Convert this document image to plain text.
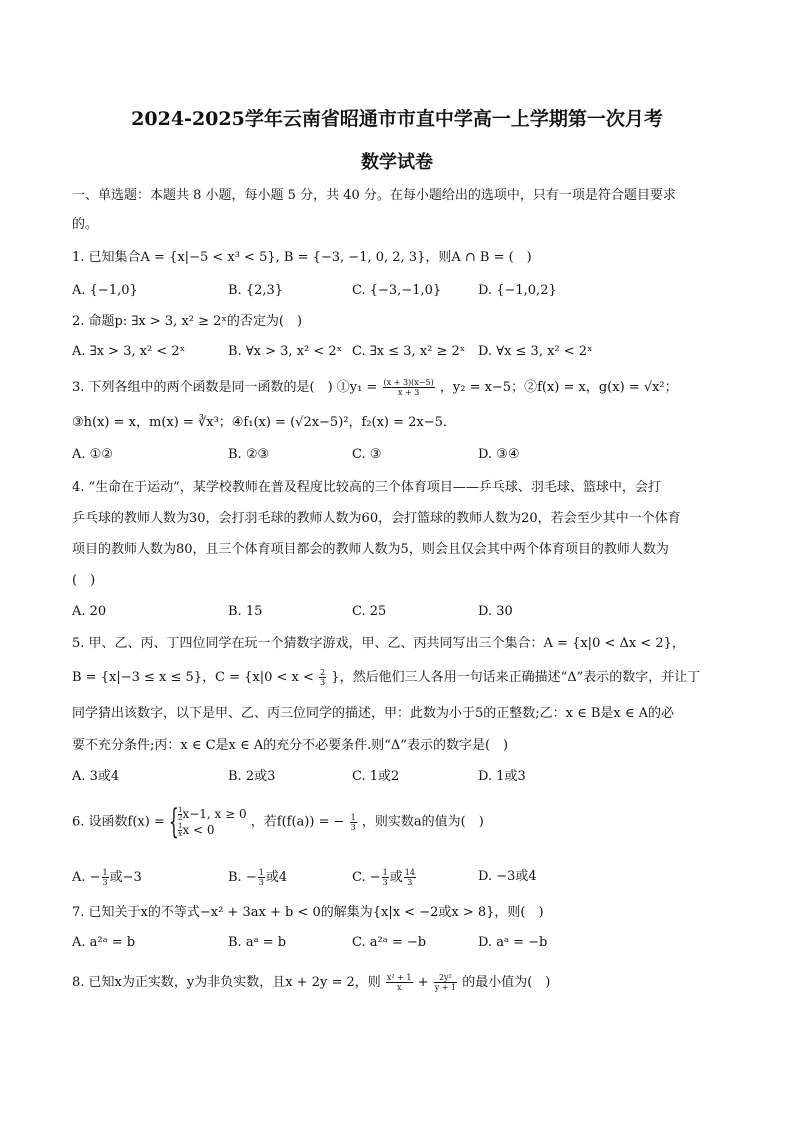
2024-2025学年云南省昭通市市直中学高一上学期第一次月考
数学试卷
一、单选题：本题共 8 小题，每小题 5 分，共 40 分。在每小题给出的选项中，只有一项是符合题目要求
的。
1. 已知集合A = {x|−5 < x³ < 5}, B = {−3, −1, 0, 2, 3}，则A ∩ B = (　)
A. {−1,0}	B. {2,3}	C. {−3,−1,0}	D. {−1,0,2}
2. 命题p: ∃x > 3, x² ≥ 2ˣ的否定为(　)
A. ∃x > 3, x² < 2ˣ	B. ∀x > 3, x² < 2ˣ C. ∃x ≤ 3, x² ≥ 2ˣ D. ∀x ≤ 3, x² < 2ˣ
3. 下列各组中的两个函数是同一函数的是(　) ①y₁ = $\frac{(x + 3)(x-5)}{x + 3}$ ，y₂ = x−5；②f(x) = x，g(x) = √x²；
③h(x) = x，m(x) = ∛x³；④f₁(x) = (√2x−5)²，f₂(x) = 2x−5．
A. ①②	B. ②③	C. ③	D. ③④
4. “生命在于运动”，某学校教师在普及程度比较高的三个体育项目——乒乓球、羽毛球、篮球中，会打
乒乓球的教师人数为30，会打羽毛球的教师人数为60，会打篮球的教师人数为20，若会至少其中一个体育
项目的教师人数为80，且三个体育项目都会的教师人数为5，则会且仅会其中两个体育项目的教师人数为
(　)
A. 20	B. 15	C. 25	D. 30
5. 甲、乙、丙、丁四位同学在玩一个猜数字游戏，甲、乙、丙共同写出三个集合：A = {x|0 < Δx < 2}，
B = {x|−3 ≤ x ≤ 5}，$C = \{x|0 < x < \frac{2}{3}$ }，然后他们三人各用一句话来正确描述“Δ”表示的数字，并让丁
同学猜出该数字，以下是甲、乙、丙三位同学的描述，甲：此数为小于5的正整数;乙：x ∈ B是x ∈ A的必
要不充分条件;丙：x ∈ C是x ∈ A的充分不必要条件.则“Δ”表示的数字是(　)
A. 3或4	B. 2或3	C. 1或2	D. 1或3
6. 设函数f(x) = { $\frac{1}{2} x-1$, x ≥ 0
$\frac{1}{x}$ x < 0
，若f(f(a)) = − $\frac{1}{3}$ ，则实数a的值为(　)
A. − $\frac{1}{3}$ 或−3	B. − $\frac{1}{3}$ 或4	C. − $\frac{1}{3}$ 或 $\frac{14}{3}$	D. −3或4
7. 已知关于x的不等式−x² + 3ax + b < 0的解集为{x|x < −2或x > 8}，则(　)
A. a²ᵃ = b	B. aᵃ = b	C. a²ᵃ = −b	D. aᵃ = −b
8. 已知x为正实数，y为非负实数，且x + 2y = 2，则 $\frac{\text{x² + 1}}{x} + \frac{\text{2y²}}{y + 1}$ 的最小值为(　)
